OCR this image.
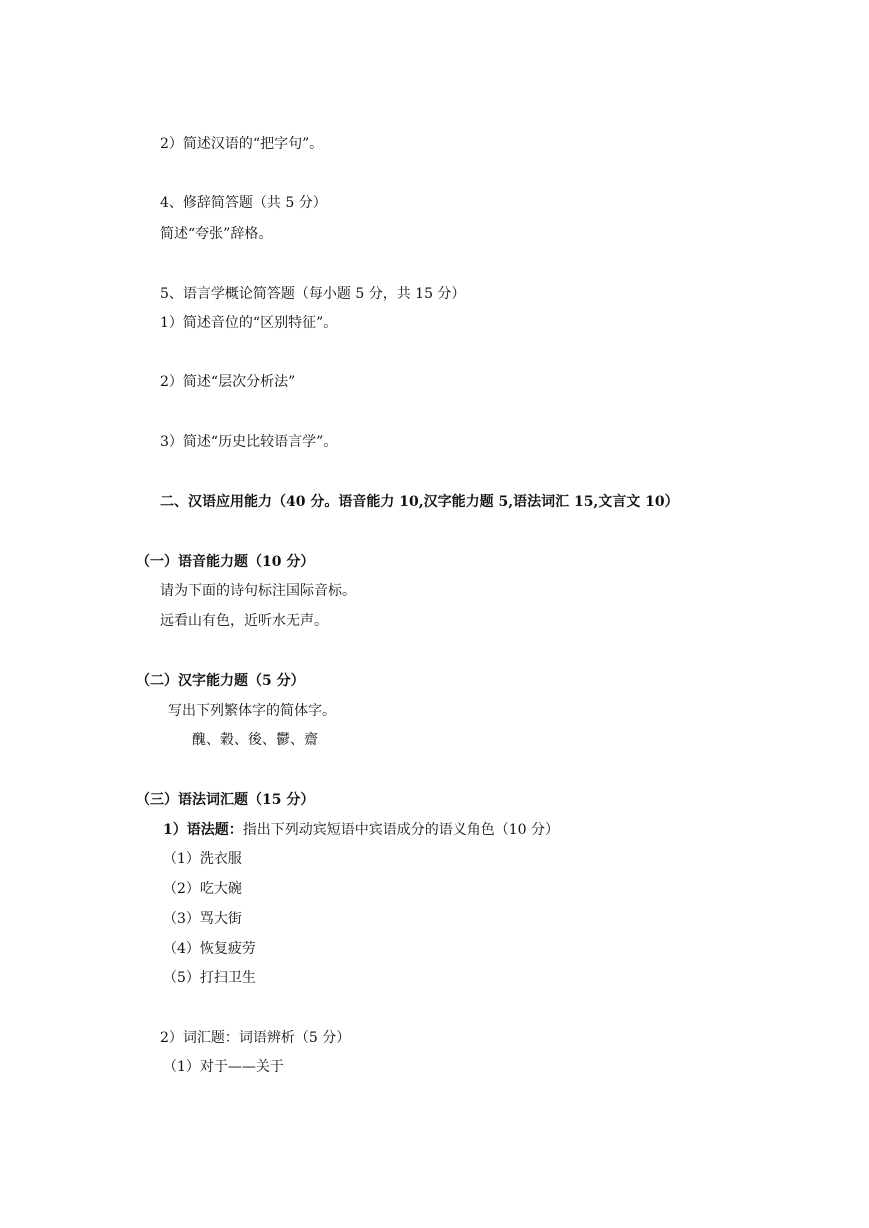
2）简述汉语的“把字句”。
4、修辞简答题（共 5 分）
简述“夸张”辞格。
5、语言学概论简答题（每小题 5 分，共 15 分）
1）简述音位的“区别特征”。
2）简述“层次分析法”
3）简述“历史比较语言学”。
二、汉语应用能力（40 分。语音能力 10,汉字能力题 5,语法词汇 15,文言文 10）
（一）语音能力题（10 分）
请为下面的诗句标注国际音标。
远看山有色，近听水无声。
（二）汉字能力题（5 分）
写出下列繁体字的简体字。
醜、穀、後、鬱、齋
（三）语法词汇题（15 分）
1）语法题：指出下列动宾短语中宾语成分的语义角色（10 分）
（1）洗衣服
（2）吃大碗
（3）骂大街
（4）恢复疲劳
（5）打扫卫生
2）词汇题：词语辨析（5 分）
（1）对于——关于
